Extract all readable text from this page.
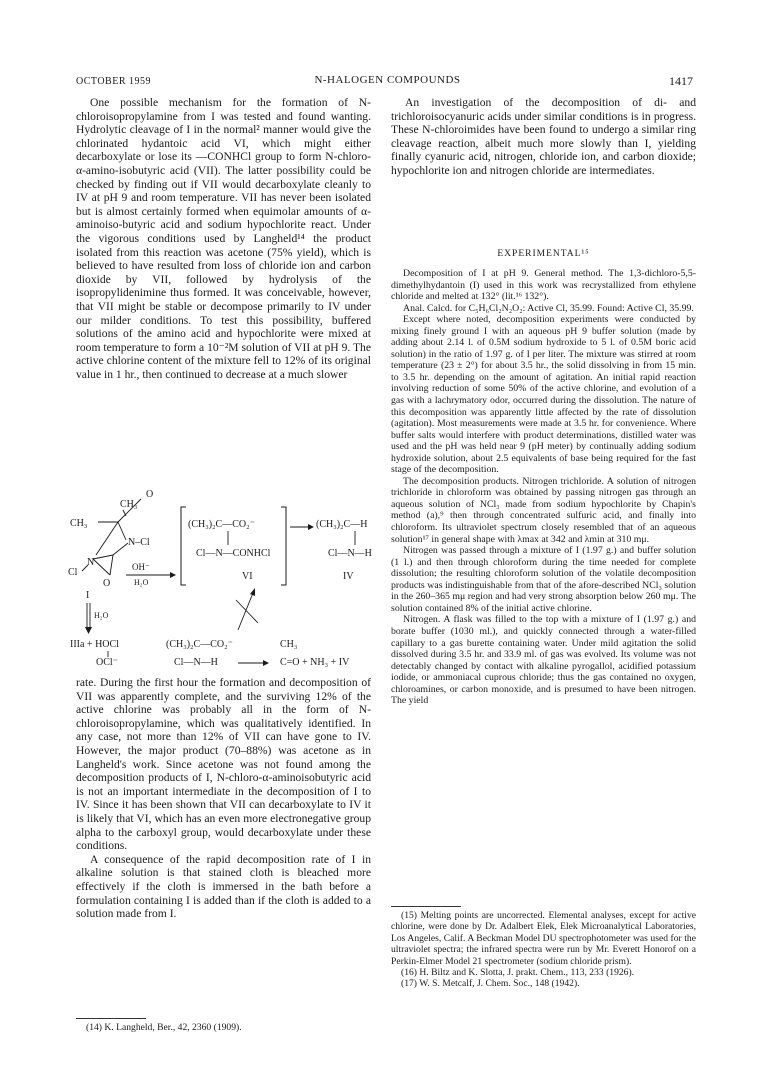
OCTOBER 1959	N-HALOGEN COMPOUNDS	1417

One possible mechanism for the formation of N-chloroisopropylamine from I was tested and found wanting. Hydrolytic cleavage of I in the normal² manner would give the chlorinated hydantoic acid VI, which might either decarboxylate or lose its —CONHCl group to form N-chloro-α-amino-isobutyric acid (VII). The latter possibility could be checked by finding out if VII would decarboxylate cleanly to IV at pH 9 and room temperature. VII has never been isolated but is almost certainly formed when equimolar amounts of α-aminoiso-butyric acid and sodium hypochlorite react. Under the vigorous conditions used by Langheld¹⁴ the product isolated from this reaction was acetone (75% yield), which is believed to have resulted from loss of chloride ion and carbon dioxide by VII, followed by hydrolysis of the isopropylidenimine thus formed. It was conceivable, however, that VII might be stable or decompose primarily to IV under our milder conditions. To test this possibility, buffered solutions of the amino acid and hypochlorite were mixed at room temperature to form a 10⁻²M solution of VII at pH 9. The active chlorine content of the mixture fell to 12% of its original value in 1 hr., then continued to decrease at a much slower

CH₃
O
CH₃
N–Cl
Cl
N
O
I
OH⁻
H₂O
(CH₃)₂C—CO₂⁻
Cl—N—CONHCl
VI
(CH₃)₂C—H
Cl—N—H
IV
H₂O
IIIa + HOCl
OCl⁻
(CH₃)₂C—CO₂⁻
Cl—N—H
CH₃
C=O + NH₃ + IV

rate. During the first hour the formation and decomposition of VII was apparently complete, and the surviving 12% of the active chlorine was probably all in the form of N-chloroisopropylamine, which was qualitatively identified. In any case, not more than 12% of VII can have gone to IV. However, the major product (70–88%) was acetone as in Langheld's work. Since acetone was not found among the decomposition products of I, N-chloro-α-aminoisobutyric acid is not an important intermediate in the decomposition of I to IV. Since it has been shown that VII can decarboxylate to IV it is likely that VI, which has an even more electronegative group alpha to the carboxyl group, would decarboxylate under these conditions.

A consequence of the rapid decomposition rate of I in alkaline solution is that stained cloth is bleached more effectively if the cloth is immersed in the bath before a formulation containing I is added than if the cloth is added to a solution made from I.

(14) K. Langheld, Ber., 42, 2360 (1909).

An investigation of the decomposition of di- and trichloroisocyanuric acids under similar conditions is in progress. These N-chloroimides have been found to undergo a similar ring cleavage reaction, albeit much more slowly than I, yielding finally cyanuric acid, nitrogen, chloride ion, and carbon dioxide; hypochlorite ion and nitrogen chloride are intermediates.

EXPERIMENTAL¹⁵

Decomposition of I at pH 9. General method. The 1,3-dichloro-5,5-dimethylhydantoin (I) used in this work was recrystallized from ethylene chloride and melted at 132° (lit.¹⁶ 132°).

Anal. Calcd. for C₅H₆Cl₂N₂O₂: Active Cl, 35.99. Found: Active Cl, 35.99.

Except where noted, decomposition experiments were conducted by mixing finely ground I with an aqueous pH 9 buffer solution (made by adding about 2.14 l. of 0.5M sodium hydroxide to 5 l. of 0.5M boric acid solution) in the ratio of 1.97 g. of I per liter. The mixture was stirred at room temperature (23 ± 2°) for about 3.5 hr., the solid dissolving in from 15 min. to 3.5 hr. depending on the amount of agitation. An initial rapid reaction involving reduction of some 50% of the active chlorine, and evolution of a gas with a lachrymatory odor, occurred during the dissolution. The nature of this decomposition was apparently little affected by the rate of dissolution (agitation). Most measurements were made at 3.5 hr. for convenience. Where buffer salts would interfere with product determinations, distilled water was used and the pH was held near 9 (pH meter) by continually adding sodium hydroxide solution, about 2.5 equivalents of base being required for the fast stage of the decomposition.

The decomposition products. Nitrogen trichloride. A solution of nitrogen trichloride in chloroform was obtained by passing nitrogen gas through an aqueous solution of NCl₃ made from sodium hypochlorite by Chapin's method (a),⁹ then through concentrated sulfuric acid, and finally into chloroform. Its ultraviolet spectrum closely resembled that of an aqueous solution¹⁷ in general shape with λmax at 342 and λmin at 310 mμ.

Nitrogen was passed through a mixture of I (1.97 g.) and buffer solution (1 l.) and then through chloroform during the time needed for complete dissolution; the resulting chloroform solution of the volatile decomposition products was indistinguishable from that of the afore-described NCl₃ solution in the 260–365 mμ region and had very strong absorption below 260 mμ. The solution contained 8% of the initial active chlorine.

Nitrogen. A flask was filled to the top with a mixture of I (1.97 g.) and borate buffer (1030 ml.), and quickly connected through a water-filled capillary to a gas burette containing water. Under mild agitation the solid dissolved during 3.5 hr. and 33.9 ml. of gas was evolved. Its volume was not detectably changed by contact with alkaline pyrogallol, acidified potassium iodide, or ammoniacal cuprous chloride; thus the gas contained no oxygen, chloroamines, or carbon monoxide, and is presumed to have been nitrogen. The yield

(15) Melting points are uncorrected. Elemental analyses, except for active chlorine, were done by Dr. Adalbert Elek, Elek Microanalytical Laboratories, Los Angeles, Calif. A Beckman Model DU spectrophotometer was used for the ultraviolet spectra; the infrared spectra were run by Mr. Everett Honorof on a Perkin-Elmer Model 21 spectrometer (sodium chloride prism).

(16) H. Biltz and K. Slotta, J. prakt. Chem., 113, 233 (1926).

(17) W. S. Metcalf, J. Chem. Soc., 148 (1942).
